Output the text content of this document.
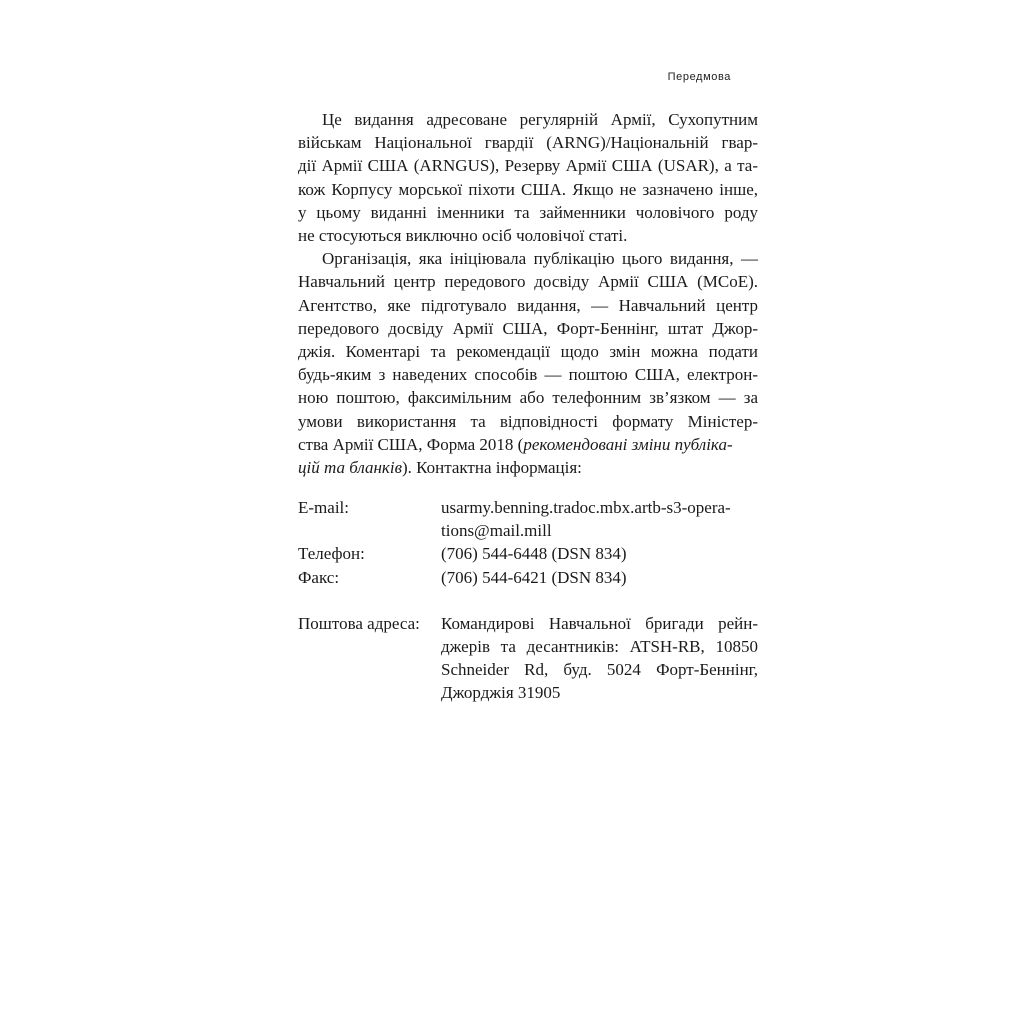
Передмова
Це видання адресоване регулярній Армії, Сухопутним
військам Національної гвардії (ARNG)/Національній гвар-
дії Армії США (ARNGUS), Резерву Армії США (USAR), а та-
кож Корпусу морської піхоти США. Якщо не зазначено інше,
у цьому виданні іменники та займенники чоловічого роду
не стосуються виключно осіб чоловічої статі.
Організація, яка ініціювала публікацію цього видання, —
Навчальний центр передового досвіду Армії США (MCoE).
Агентство, яке підготувало видання, — Навчальний центр
передового досвіду Армії США, Форт-Беннінг, штат Джор-
джія. Коментарі та рекомендації щодо змін можна подати
будь-яким з наведених способів — поштою США, електрон-
ною поштою, факсимільним або телефонним зв’язком — за
умови використання та відповідності формату Міністер-
ства Армії США, Форма 2018 (рекомендовані зміни публіка-
цій та бланків). Контактна інформація:
E-mail:	usarmy.benning.tradoc.mbx.artb-s3-opera-
tions@mail.mill
Телефон:	(706) 544-6448 (DSN 834)
Факс:	(706) 544-6421 (DSN 834)
Поштова адреса: Командирові Навчальної бригади рейн-
джерів та десантників: ATSH-RB, 10850
Schneider Rd, буд. 5024 Форт-Беннінг,
Джорджія 31905
